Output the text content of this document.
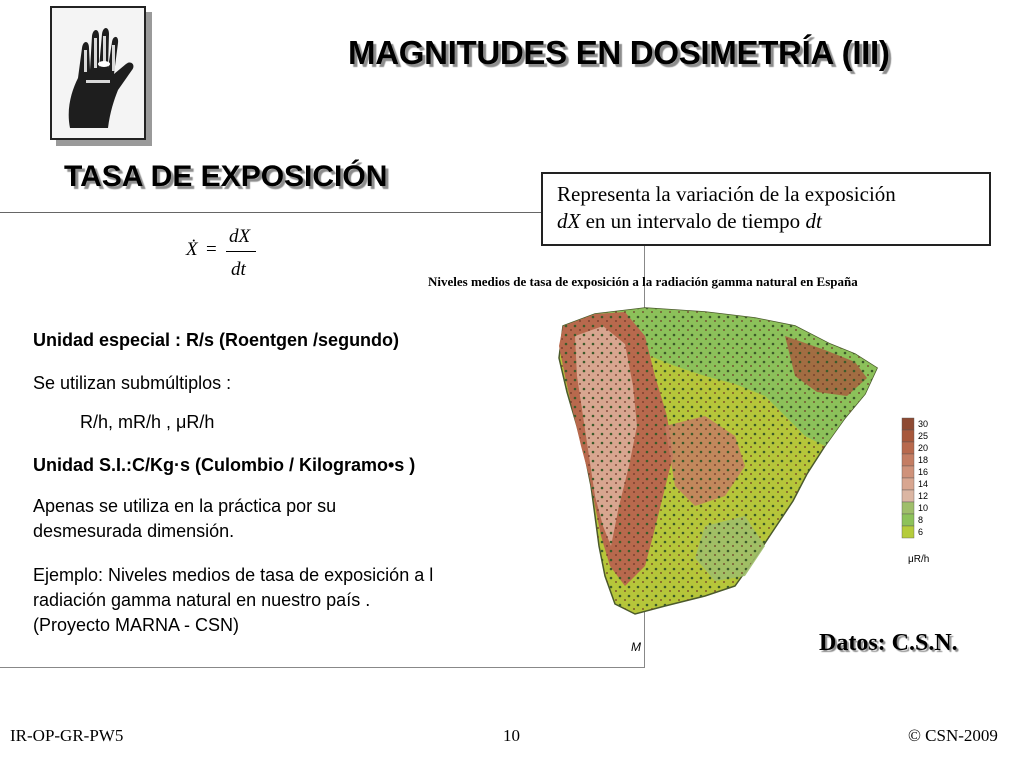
MAGNITUDES EN DOSIMETRÍA (III)
TASA DE EXPOSICIÓN
Representa la variación de la exposición
dX en un intervalo de tiempo dt
Ẋ =
dX
dt
Niveles medios de tasa de exposición a la radiación gamma natural en España
Unidad especial : R/s (Roentgen /segundo)
Se utilizan submúltiplos :
R/h, mR/h , μR/h
Unidad S.I.:C/Kg·s (Culombio / Kilogramo•s )
Apenas se utiliza en la práctica por su
desmesurada dimensión.
Ejemplo: Niveles medios de tasa de exposición a l
radiación gamma natural en nuestro país .
(Proyecto MARNA - CSN)
30
25
20
18
16
14
12
10
8
6
μR/h
M	Datos: C.S.N.
IR-OP-GR-PW5	10	© CSN-2009
